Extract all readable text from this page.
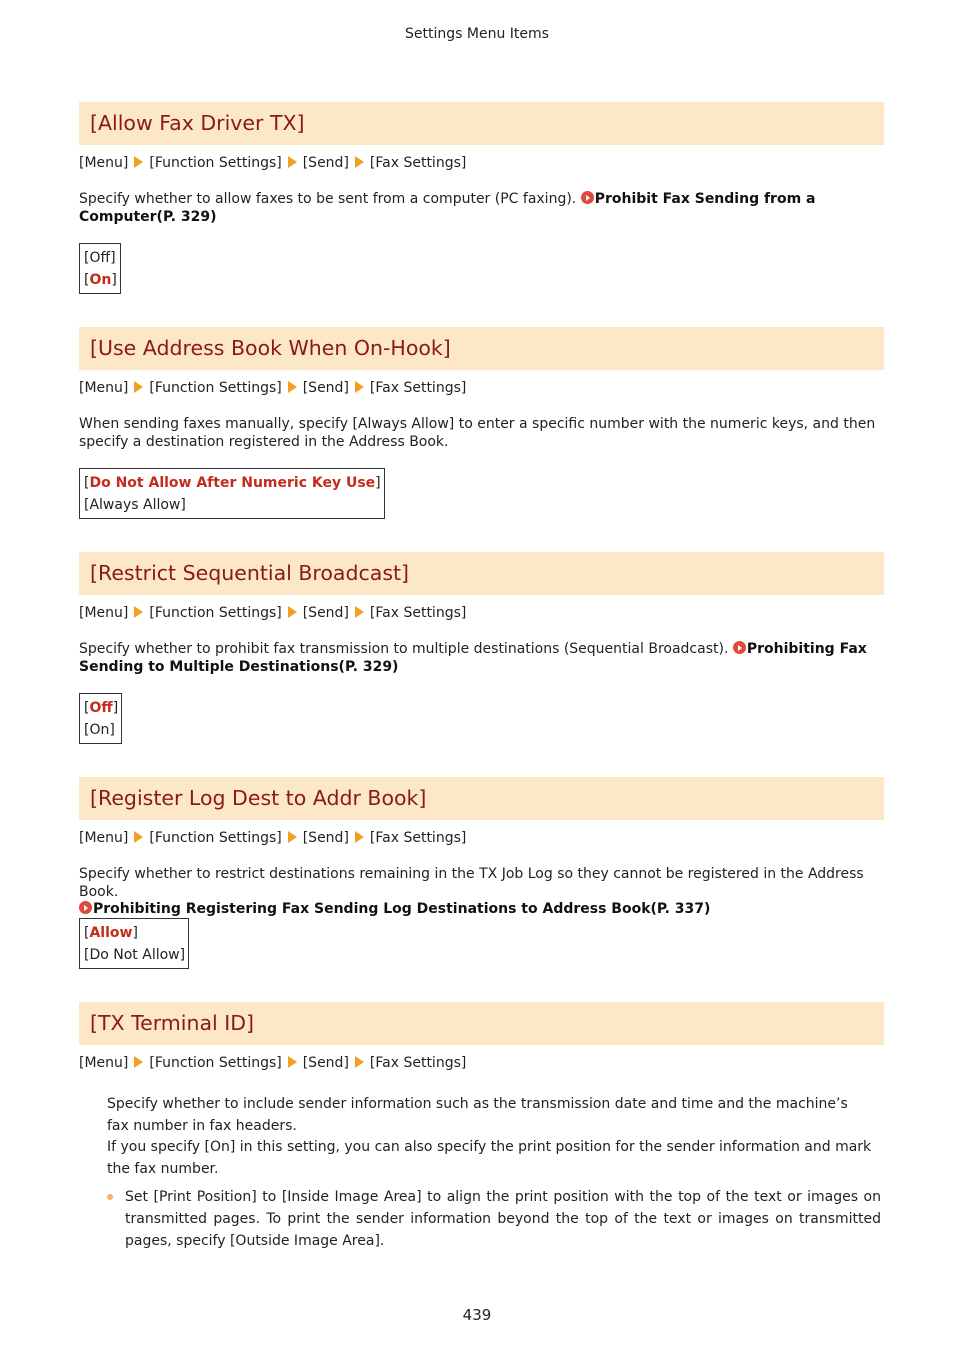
Settings Menu Items
[Allow Fax Driver TX]
[Menu] [Function Settings] [Send] [Fax Settings]
Specify whether to allow faxes to be sent from a computer (PC faxing). Prohibit Fax Sending from a Computer(P. 329)
[Off]
[On]
[Use Address Book When On-Hook]
[Menu] [Function Settings] [Send] [Fax Settings]
When sending faxes manually, specify [Always Allow] to enter a specific number with the numeric keys, and then specify a destination registered in the Address Book.
[Do Not Allow After Numeric Key Use]
[Always Allow]
[Restrict Sequential Broadcast]
[Menu] [Function Settings] [Send] [Fax Settings]
Specify whether to prohibit fax transmission to multiple destinations (Sequential Broadcast). Prohibiting Fax Sending to Multiple Destinations(P. 329)
[Off]
[On]
[Register Log Dest to Addr Book]
[Menu] [Function Settings] [Send] [Fax Settings]
Specify whether to restrict destinations remaining in the TX Job Log so they cannot be registered in the Address Book.
Prohibiting Registering Fax Sending Log Destinations to Address Book(P. 337)
[Allow]
[Do Not Allow]
[TX Terminal ID]
[Menu] [Function Settings] [Send] [Fax Settings]
Specify whether to include sender information such as the transmission date and time and the machine’s fax number in fax headers.
If you specify [On] in this setting, you can also specify the print position for the sender information and mark the fax number.
Set [Print Position] to [Inside Image Area] to align the print position with the top of the text or images on transmitted pages. To print the sender information beyond the top of the text or images on transmitted pages, specify [Outside Image Area].
439
